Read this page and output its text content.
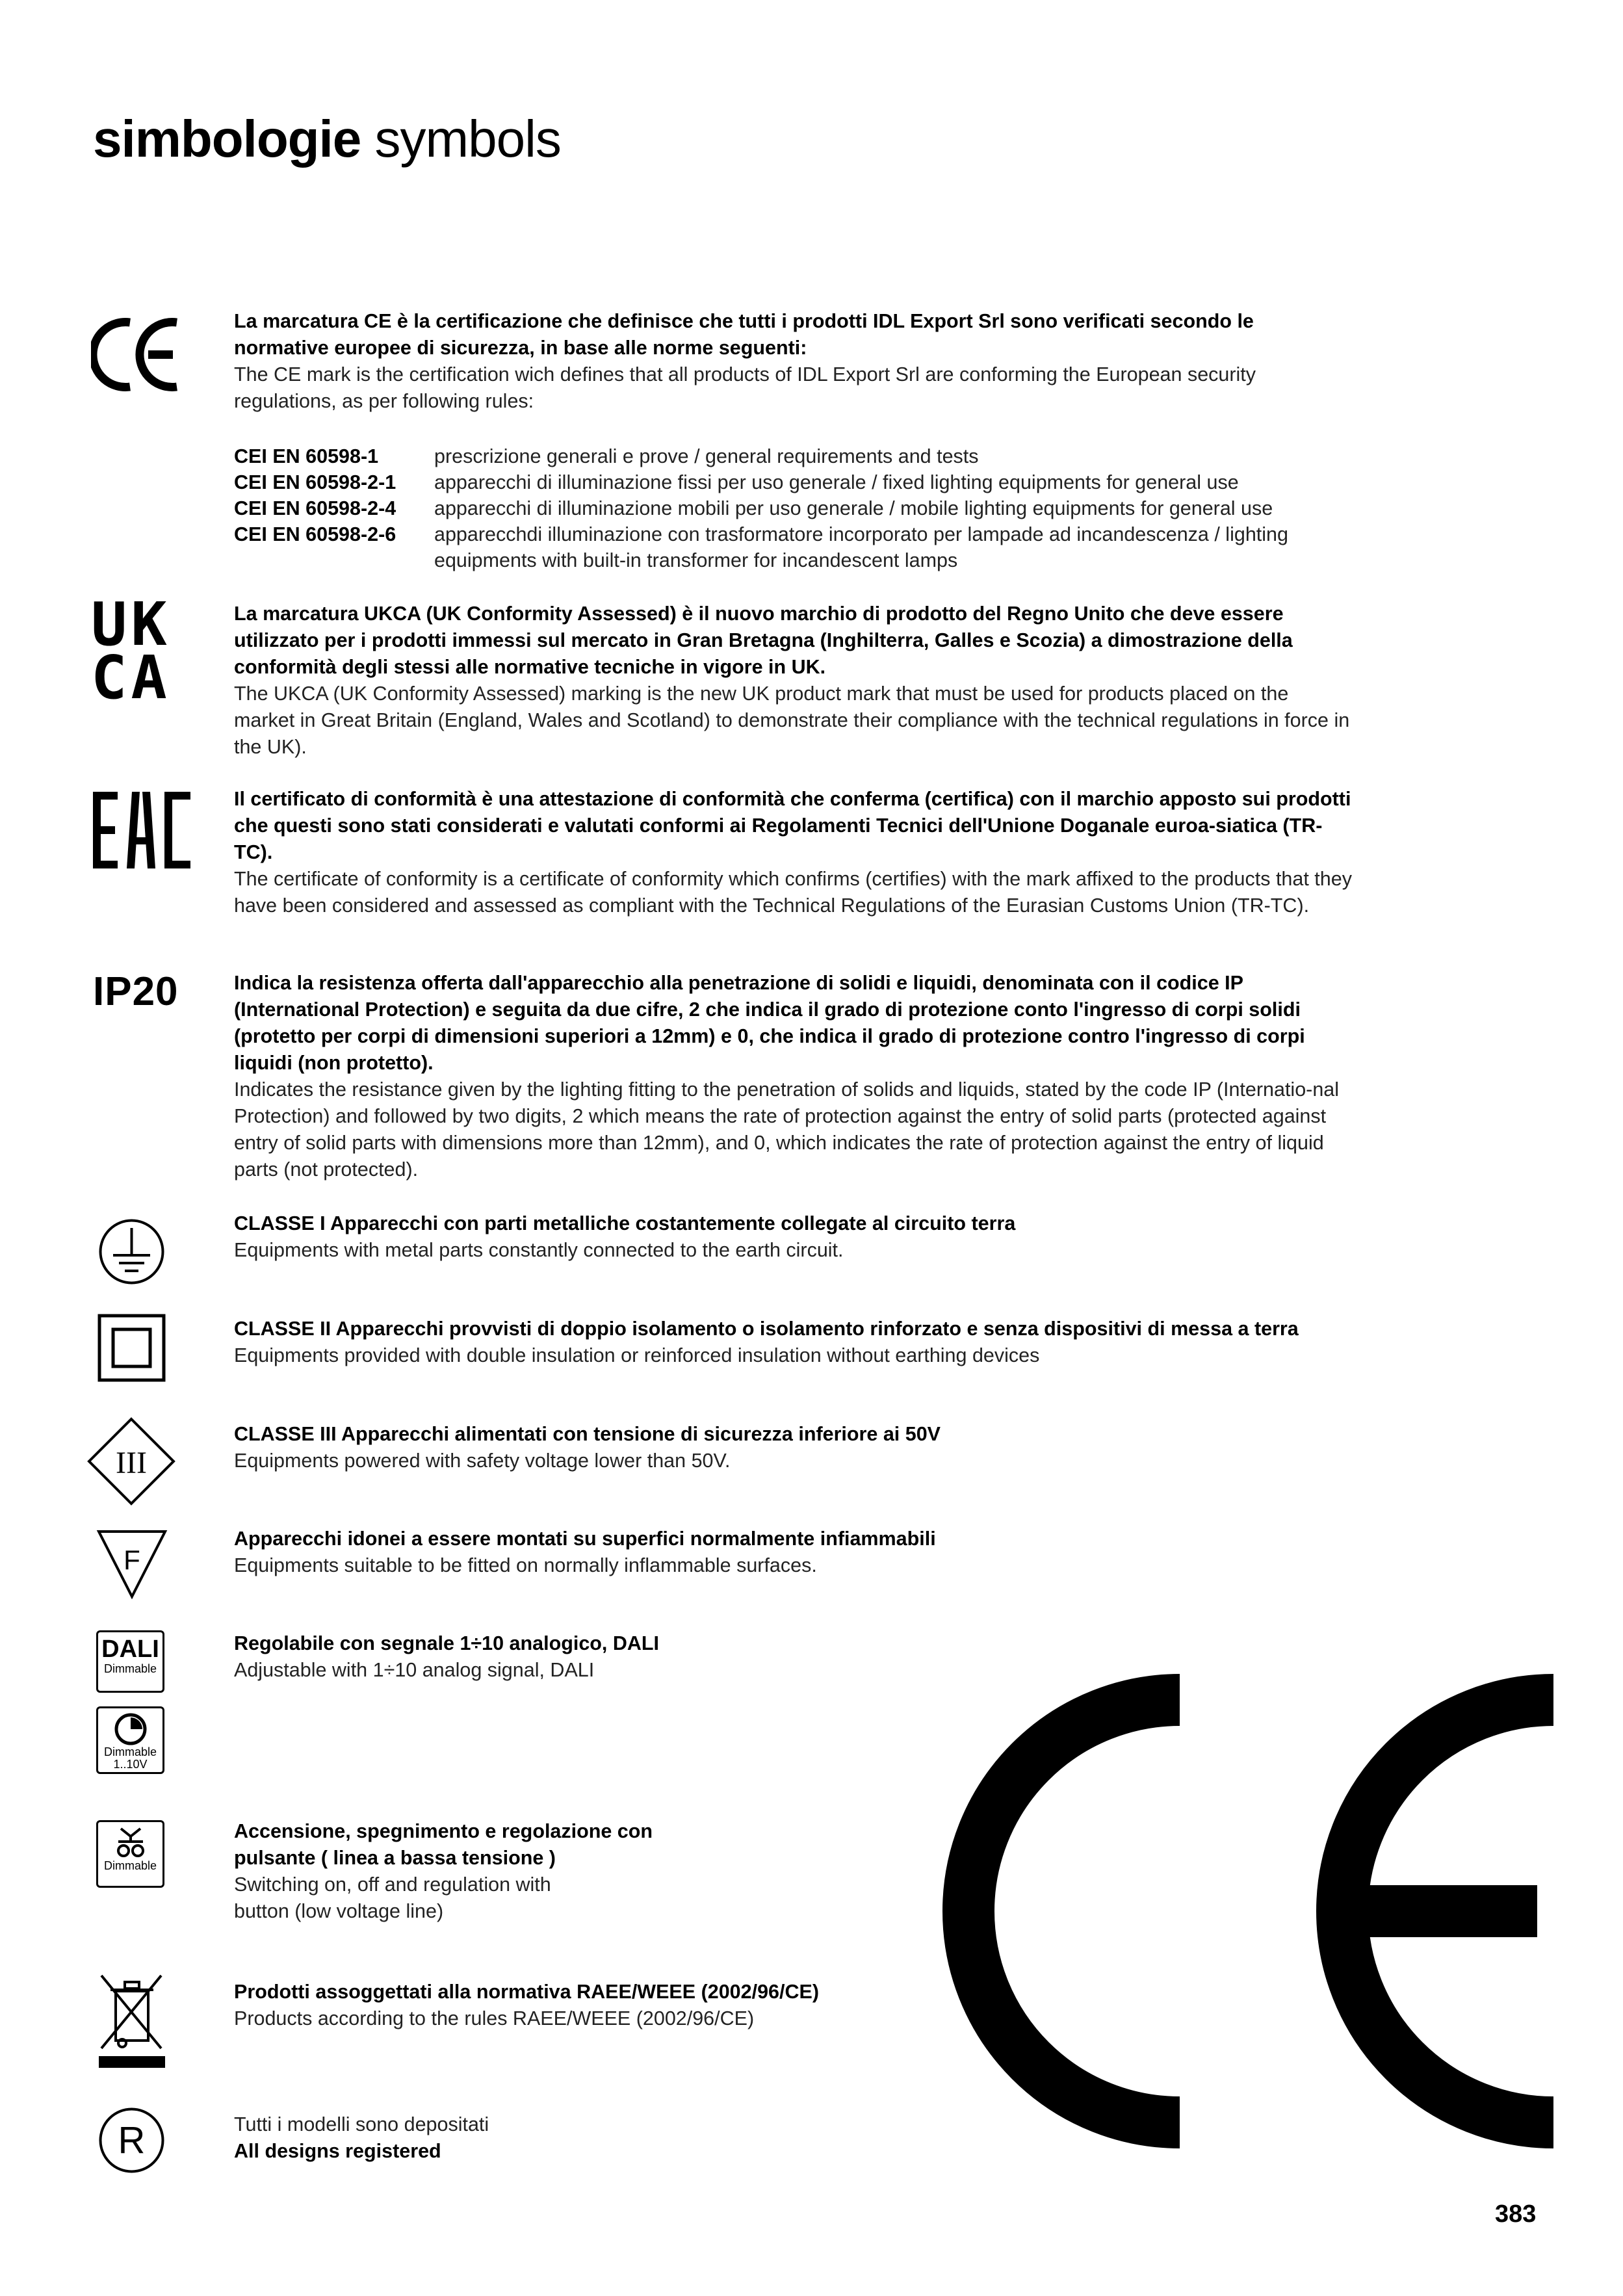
simbologie symbols

La marcatura CE è la certificazione che definisce che tutti i prodotti IDL Export Srl sono verificati secondo le normative europee di sicurezza, in base alle norme seguenti:

The CE mark is the certification wich defines that all products of IDL Export Srl are conforming the European security regulations, as per following rules:

CEI EN 60598-1	prescrizione generali e prove / general requirements and tests
CEI EN 60598-2-1	apparecchi di illuminazione fissi per uso generale / fixed lighting equipments for general use
CEI EN 60598-2-4	apparecchi di illuminazione mobili per uso generale / mobile lighting equipments for general use
CEI EN 60598-2-6	apparecchdi illuminazione con trasformatore incorporato per lampade ad incandescenza / lighting equipments with built-in transformer for incandescent lamps
UK
CA

La marcatura UKCA (UK Conformity Assessed) è il nuovo marchio di prodotto del Regno Unito che deve essere utilizzato per i prodotti immessi sul mercato in Gran Bretagna (Inghilterra, Galles e Scozia) a dimostrazione della conformità degli stessi alle normative tecniche in vigore in UK.

The UKCA (UK Conformity Assessed) marking is the new UK product mark that must be used for products placed on the market in Great Britain (England, Wales and Scotland) to demonstrate their compliance with the technical regulations in force in the UK).

Il certificato di conformità è una attestazione di conformità che conferma (certifica) con il marchio apposto sui prodotti che questi sono stati considerati e valutati conformi ai Regolamenti Tecnici dell'Unione Doganale euroa-siatica (TR-TC).

The certificate of conformity is a certificate of conformity which confirms (certifies) with the mark affixed to the products that they have been considered and assessed as compliant with the Technical Regulations of the Eurasian Customs Union (TR-TC).

IP20	Indica la resistenza offerta dall'apparecchio alla penetrazione di solidi e liquidi, denominata con il codice IP (International Protection) e seguita da due cifre, 2 che indica il grado di protezione conto l'ingresso di corpi solidi (protetto per corpi di dimensioni superiori a 12mm) e 0, che indica il grado di protezione contro l'ingresso di corpi liquidi (non protetto).

Indicates the resistance given by the lighting fitting to the penetration of solids and liquids, stated by the code IP (Internatio-nal Protection) and followed by two digits, 2 which means the rate of protection against the entry of solid parts (protected against entry of solid parts with dimensions more than 12mm), and 0, which indicates the rate of protection against the entry of liquid parts (not protected).

CLASSE I Apparecchi con parti metalliche costantemente collegate al circuito terra

Equipments with metal parts constantly connected to the earth circuit.

CLASSE II Apparecchi provvisti di doppio isolamento o isolamento rinforzato e senza dispositivi di messa a terra

Equipments provided with double insulation or reinforced insulation without earthing devices

III

CLASSE III Apparecchi alimentati con tensione di sicurezza inferiore ai 50V

Equipments powered with safety voltage lower than 50V.

F

Apparecchi idonei a essere montati su superfici normalmente infiammabili

Equipments suitable to be fitted on normally inflammable surfaces.

DALI
Dimmable
Dimmable
1..10V

Regolabile con segnale 1÷10 analogico, DALI

Adjustable with 1÷10 analog signal, DALI

Dimmable

Accensione, spegnimento e regolazione con

pulsante ( linea a bassa tensione )

Switching on, off and regulation with

button (low voltage line)

Prodotti assoggettati alla normativa RAEE/WEEE (2002/96/CE)

Products according to the rules RAEE/WEEE (2002/96/CE)

R	Tutti i modelli sono depositati

All designs registered

383
